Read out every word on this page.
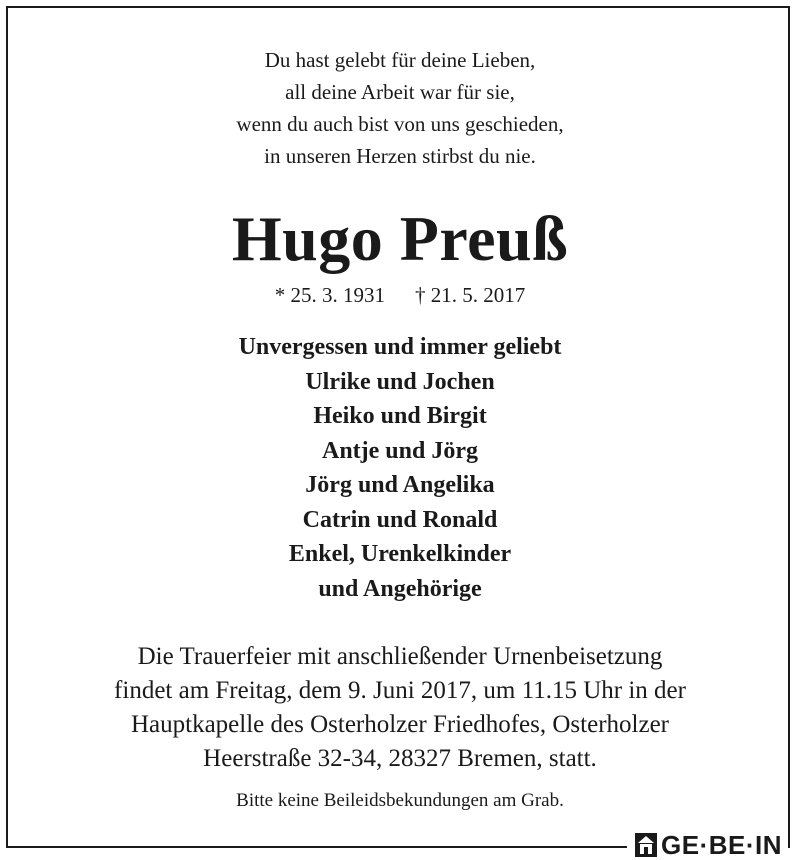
Du hast gelebt für deine Lieben,
all deine Arbeit war für sie,
wenn du auch bist von uns geschieden,
in unseren Herzen stirbst du nie.
Hugo Preuß
* 25. 3. 1931 † 21. 5. 2017
Unvergessen und immer geliebt
Ulrike und Jochen
Heiko und Birgit
Antje und Jörg
Jörg und Angelika
Catrin und Ronald
Enkel, Urenkelkinder
und Angehörige
Die Trauerfeier mit anschließender Urnenbeisetzung
findet am Freitag, dem 9. Juni 2017, um 11.15 Uhr in der
Hauptkapelle des Osterholzer Friedhofes, Osterholzer
Heerstraße 32-34, 28327 Bremen, statt.
Bitte keine Beileidsbekundungen am Grab.
GE·BE·IN
